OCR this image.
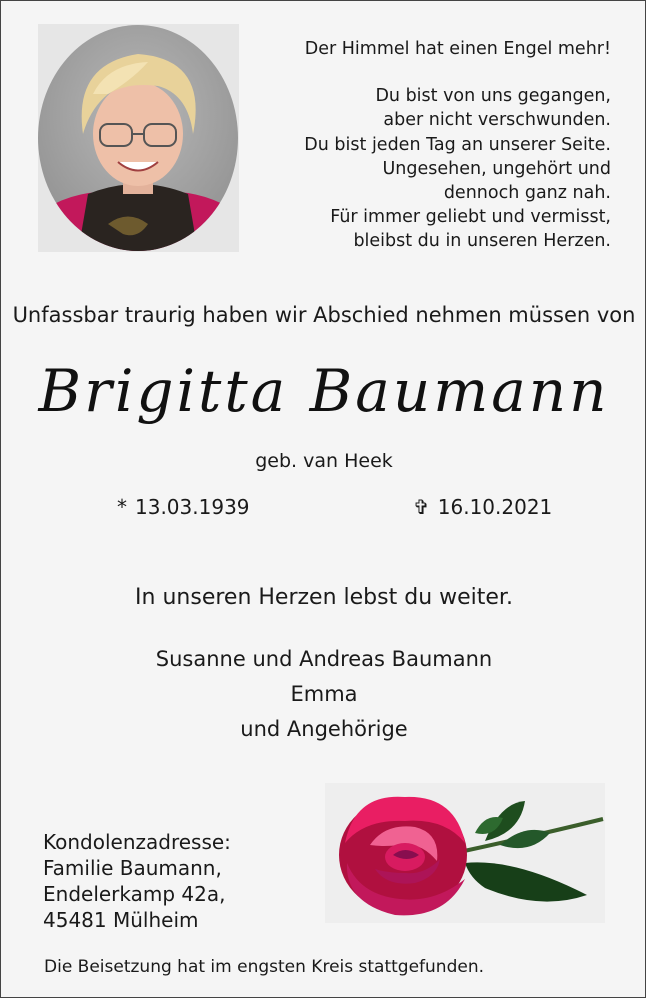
Der Himmel hat einen Engel mehr!
Du bist von uns gegangen,
aber nicht verschwunden.
Du bist jeden Tag an unserer Seite.
Ungesehen, ungehört und
dennoch ganz nah.
Für immer geliebt und vermisst,
bleibst du in unseren Herzen.
Unfassbar traurig haben wir Abschied nehmen müssen von
Brigitta Baumann
geb. van Heek
* 13.03.1939	✞ 16.10.2021
In unseren Herzen lebst du weiter.
Susanne und Andreas Baumann
Emma
und Angehörige
Kondolenzadresse:
Familie Baumann,
Endelerkamp 42a,
45481 Mülheim
Die Beisetzung hat im engsten Kreis stattgefunden.
